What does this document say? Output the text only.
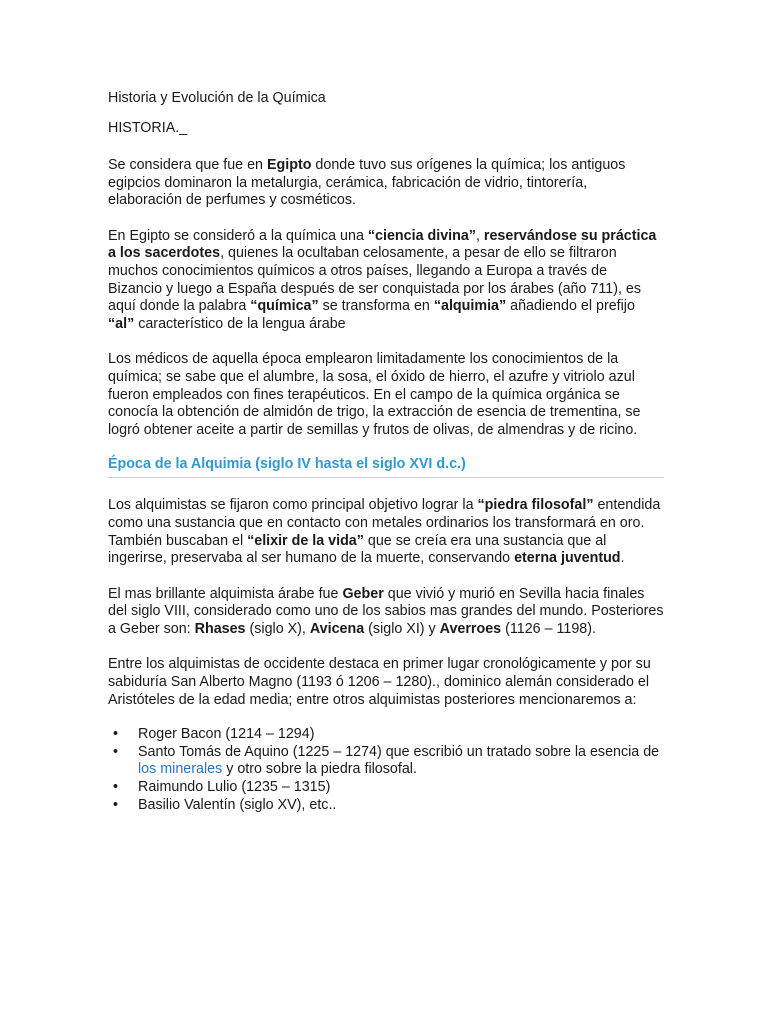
Historia y Evolución de la Química
HISTORIA._

Se considera que fue en Egipto donde tuvo sus orígenes la química; los antiguos egipcios dominaron la metalurgia, cerámica, fabricación de vidrio, tintorería, elaboración de perfumes y cosméticos.

En Egipto se consideró a la química una “ciencia divina”, reservándose su práctica a los sacerdotes, quienes la ocultaban celosamente, a pesar de ello se filtraron muchos conocimientos químicos a otros países, llegando a Europa a través de Bizancio y luego a España después de ser conquistada por los árabes (año 711), es aquí donde la palabra “química” se transforma en “alquimia” añadiendo el prefijo “al” característico de la lengua árabe

Los médicos de aquella época emplearon limitadamente los conocimientos de la química; se sabe que el alumbre, la sosa, el óxido de hierro, el azufre y vitriolo azul fueron empleados con fines terapéuticos. En el campo de la química orgánica se conocía la obtención de almidón de trigo, la extracción de esencia de trementina, se logró obtener aceite a partir de semillas y frutos de olivas, de almendras y de ricino.

Época de la Alquimia (siglo IV hasta el siglo XVI d.c.)

Los alquimistas se fijaron como principal objetivo lograr la “piedra filosofal” entendida como una sustancia que en contacto con metales ordinarios los transformará en oro. También buscaban el “elixir de la vida” que se creía era una sustancia que al ingerirse, preservaba al ser humano de la muerte, conservando eterna juventud.

El mas brillante alquimista árabe fue Geber que vivió y murió en Sevilla hacia finales del siglo VIII, considerado como uno de los sabios mas grandes del mundo. Posteriores a Geber son: Rhases (siglo X), Avicena (siglo XI) y Averroes (1126 – 1198).

Entre los alquimistas de occidente destaca en primer lugar cronológicamente y por su sabiduría San Alberto Magno (1193 ó 1206 – 1280)., dominico alemán considerado el Aristóteles de la edad media; entre otros alquimistas posteriores mencionaremos a:

• Roger Bacon (1214 – 1294)
• Santo Tomás de Aquino (1225 – 1274) que escribió un tratado sobre la esencia de los minerales y otro sobre la piedra filosofal.
• Raimundo Lulio (1235 – 1315)
• Basilio Valentín (siglo XV), etc..
